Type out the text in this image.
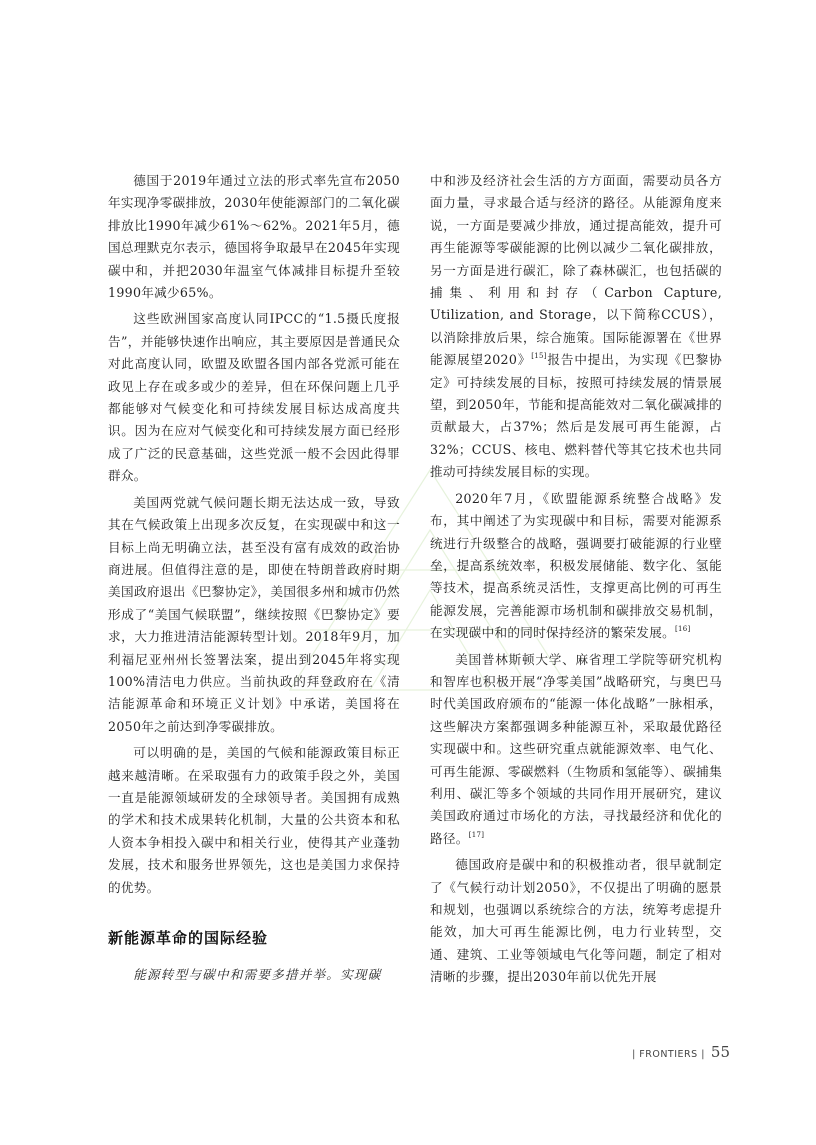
德国于2019年通过立法的形式率先宣布2050年实现净零碳排放，2030年使能源部门的二氧化碳排放比1990年减少61%～62%。2021年5月，德国总理默克尔表示，德国将争取最早在2045年实现碳中和，并把2030年温室气体减排目标提升至较1990年减少65%。

这些欧洲国家高度认同IPCC的“1.5摄氏度报告”，并能够快速作出响应，其主要原因是普通民众对此高度认同，欧盟及欧盟各国内部各党派可能在政见上存在或多或少的差异，但在环保问题上几乎都能够对气候变化和可持续发展目标达成高度共识。因为在应对气候变化和可持续发展方面已经形成了广泛的民意基础，这些党派一般不会因此得罪群众。

美国两党就气候问题长期无法达成一致，导致其在气候政策上出现多次反复，在实现碳中和这一目标上尚无明确立法，甚至没有富有成效的政治协商进展。但值得注意的是，即使在特朗普政府时期美国政府退出《巴黎协定》，美国很多州和城市仍然形成了“美国气候联盟”，继续按照《巴黎协定》要求，大力推进清洁能源转型计划。2018年9月，加利福尼亚州州长签署法案，提出到2045年将实现100%清洁电力供应。当前执政的拜登政府在《清洁能源革命和环境正义计划》中承诺，美国将在2050年之前达到净零碳排放。

可以明确的是，美国的气候和能源政策目标正越来越清晰。在采取强有力的政策手段之外，美国一直是能源领域研发的全球领导者。美国拥有成熟的学术和技术成果转化机制，大量的公共资本和私人资本争相投入碳中和相关行业，使得其产业蓬勃发展，技术和服务世界领先，这也是美国力求保持的优势。

新能源革命的国际经验

能源转型与碳中和需要多措并举。实现碳

中和涉及经济社会生活的方方面面，需要动员各方面力量，寻求最合适与经济的路径。从能源角度来说，一方面是要减少排放，通过提高能效，提升可再生能源等零碳能源的比例以减少二氧化碳排放，另一方面是进行碳汇，除了森林碳汇，也包括碳的捕集、利用和封存（Carbon Capture, Utilization, and Storage，以下简称CCUS），以消除排放后果，综合施策。国际能源署在《世界能源展望2020》[15]报告中提出，为实现《巴黎协定》可持续发展的目标，按照可持续发展的情景展望，到2050年，节能和提高能效对二氧化碳减排的贡献最大，占37%；然后是发展可再生能源，占32%；CCUS、核电、燃料替代等其它技术也共同推动可持续发展目标的实现。

2020年7月，《欧盟能源系统整合战略》发布，其中阐述了为实现碳中和目标，需要对能源系统进行升级整合的战略，强调要打破能源的行业壁垒，提高系统效率，积极发展储能、数字化、氢能等技术，提高系统灵活性，支撑更高比例的可再生能源发展，完善能源市场机制和碳排放交易机制，在实现碳中和的同时保持经济的繁荣发展。[16]

美国普林斯顿大学、麻省理工学院等研究机构和智库也积极开展“净零美国”战略研究，与奥巴马时代美国政府颁布的“能源一体化战略”一脉相承，这些解决方案都强调多种能源互补，采取最优路径实现碳中和。这些研究重点就能源效率、电气化、可再生能源、零碳燃料（生物质和氢能等）、碳捕集利用、碳汇等多个领域的共同作用开展研究，建议美国政府通过市场化的方法，寻找最经济和优化的路径。[17]

德国政府是碳中和的积极推动者，很早就制定了《气候行动计划2050》，不仅提出了明确的愿景和规划，也强调以系统综合的方法，统筹考虑提升能效，加大可再生能源比例，电力行业转型，交通、建筑、工业等领域电气化等问题，制定了相对清晰的步骤，提出2030年前以优先开展

| FRONTIERS | 55
